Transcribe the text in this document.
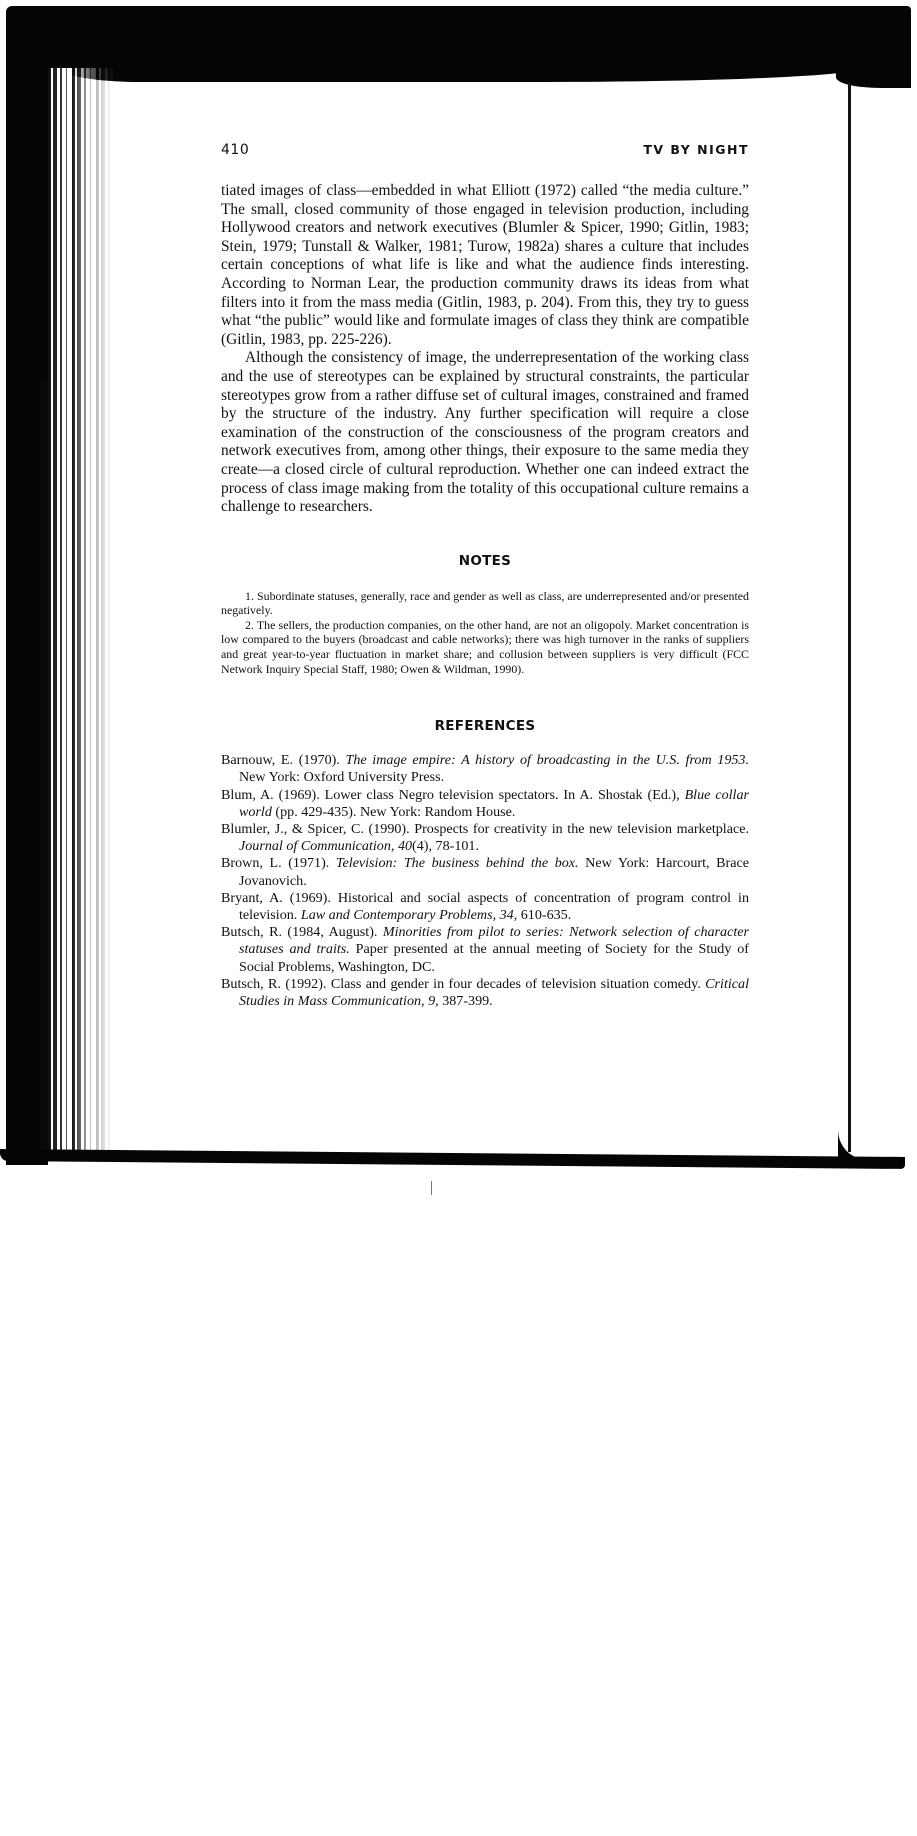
410	TV BY NIGHT

tiated images of class—embedded in what Elliott (1972) called “the media culture.” The small, closed community of those engaged in television production, including Hollywood creators and network executives (Blumler & Spicer, 1990; Gitlin, 1983; Stein, 1979; Tunstall & Walker, 1981; Turow, 1982a) shares a culture that includes certain conceptions of what life is like and what the audience finds interesting. According to Norman Lear, the production community draws its ideas from what filters into it from the mass media (Gitlin, 1983, p. 204). From this, they try to guess what “the public” would like and formulate images of class they think are compatible (Gitlin, 1983, pp. 225-226).

Although the consistency of image, the underrepresentation of the working class and the use of stereotypes can be explained by structural constraints, the particular stereotypes grow from a rather diffuse set of cultural images, constrained and framed by the structure of the industry. Any further specification will require a close examination of the construction of the consciousness of the program creators and network executives from, among other things, their exposure to the same media they create—a closed circle of cultural reproduction. Whether one can indeed extract the process of class image making from the totality of this occupational culture remains a challenge to researchers.

NOTES

1. Subordinate statuses, generally, race and gender as well as class, are underrepresented and/or presented negatively.

2. The sellers, the production companies, on the other hand, are not an oligopoly. Market concentration is low compared to the buyers (broadcast and cable networks); there was high turnover in the ranks of suppliers and great year-to-year fluctuation in market share; and collusion between suppliers is very difficult (FCC Network Inquiry Special Staff, 1980; Owen & Wildman, 1990).

REFERENCES

Barnouw, E. (1970). The image empire: A history of broadcasting in the U.S. from 1953. New York: Oxford University Press.

Blum, A. (1969). Lower class Negro television spectators. In A. Shostak (Ed.), Blue collar world (pp. 429-435). New York: Random House.

Blumler, J., & Spicer, C. (1990). Prospects for creativity in the new television marketplace. Journal of Communication, 40(4), 78-101.

Brown, L. (1971). Television: The business behind the box. New York: Harcourt, Brace Jovanovich.

Bryant, A. (1969). Historical and social aspects of concentration of program control in television. Law and Contemporary Problems, 34, 610-635.

Butsch, R. (1984, August). Minorities from pilot to series: Network selection of character statuses and traits. Paper presented at the annual meeting of Society for the Study of Social Problems, Washington, DC.

Butsch, R. (1992). Class and gender in four decades of television situation comedy. Critical Studies in Mass Communication, 9, 387-399.
